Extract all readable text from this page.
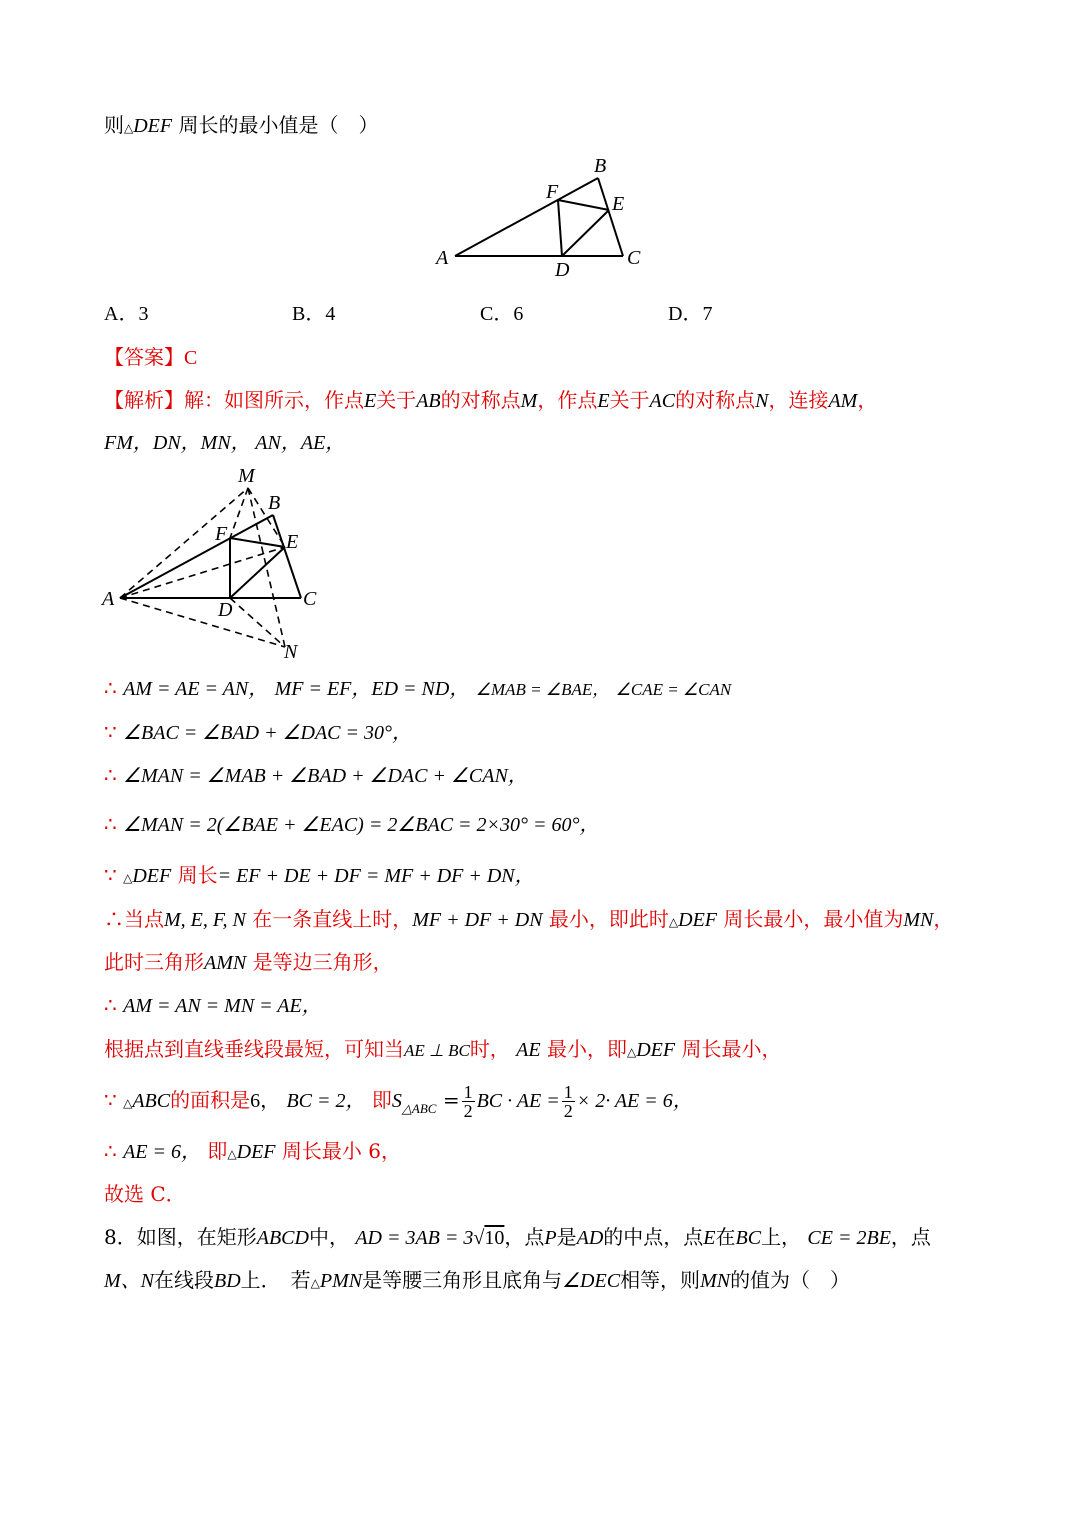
则△DEF 周长的最小值是（　）
A
B
C
D
E
F
A．3	B．4	C．6	D．7
【答案】C
【解析】解：如图所示，作点E关于AB的对称点M，作点E关于AC的对称点N，连接AM，
FM，DN，MN， AN，AE，
M
B
F	E
A	D	C
N
∴ AM = AE = AN， MF = EF，ED = ND， ∠MAB = ∠BAE， ∠CAE = ∠CAN
∵ ∠BAC = ∠BAD + ∠DAC = 30°，
∴ ∠MAN = ∠MAB + ∠BAD + ∠DAC + ∠CAN，
∴ ∠MAN = 2(∠BAE + ∠EAC) = 2∠BAC = 2×30° = 60°，
∵ △DEF 周长= EF + DE + DF = MF + DF + DN，
∴当点M, E, F, N 在一条直线上时，MF + DF + DN 最小，即此时△DEF 周长最小，最小值为MN，
此时三角形AMN 是等边三角形，
∴ AM = AN = MN = AE，
根据点到直线垂线段最短，可知当AE ⊥ BC时， AE 最小，即△DEF 周长最小，
∵ △ABC的面积是6， BC = 2， 即$S_{\triangle ABC} = \frac{1}{2}$ BC · AE = $\frac{1}{2} \times 2\cdot$ AE = 6，
∴ AE = 6， 即△DEF 周长最小 6，
故选 C．
8．如图，在矩形ABCD中， AD = 3AB = 3√10，点P是AD的中点，点E在BC上， CE = 2BE，点
M、N在线段BD上．　若△PMN是等腰三角形且底角与∠DEC相等，则MN的值为（　）
